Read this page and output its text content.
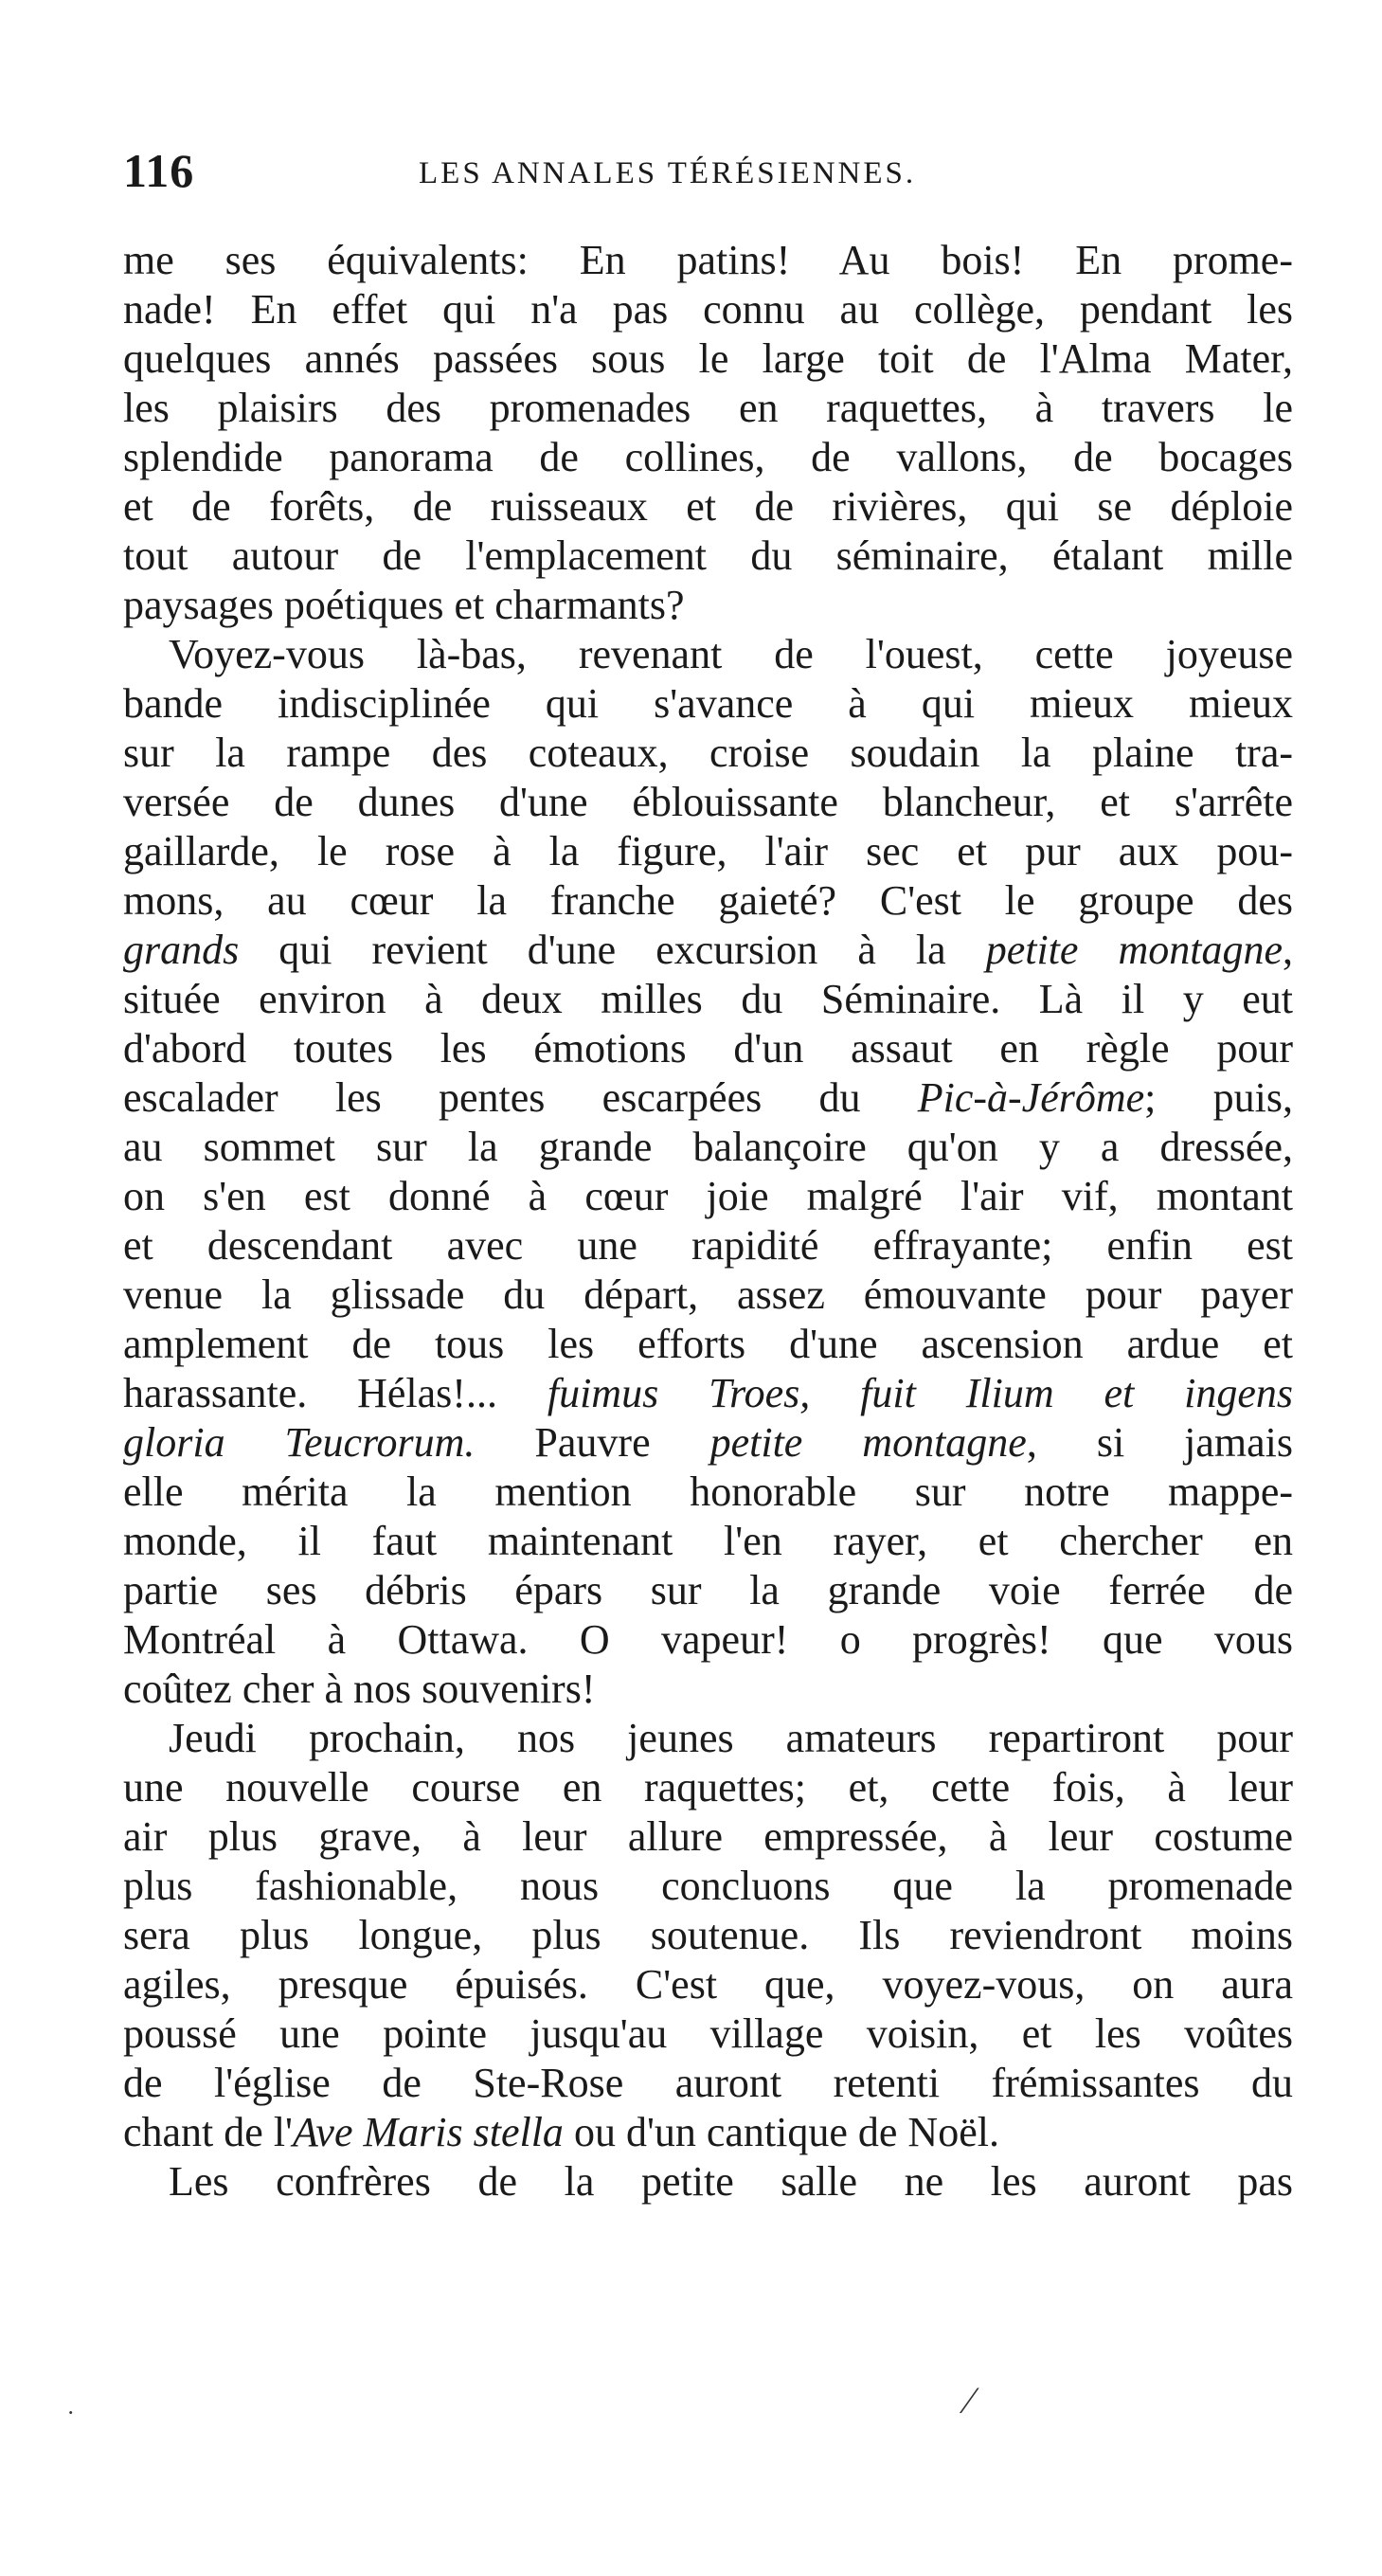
116	LES ANNALES TÉRÉSIENNES.

me ses équivalents: En patins! Au bois! En prome-
nade! En effet qui n'a pas connu au collège, pendant les
quelques annés passées sous le large toit de l'Alma Mater,
les plaisirs des promenades en raquettes, à travers le
splendide panorama de collines, de vallons, de bocages
et de forêts, de ruisseaux et de rivières, qui se déploie
tout autour de l'emplacement du séminaire, étalant mille
paysages poétiques et charmants?

Voyez-vous là-bas, revenant de l'ouest, cette joyeuse
bande indisciplinée qui s'avance à qui mieux mieux
sur la rampe des coteaux, croise soudain la plaine tra-
versée de dunes d'une éblouissante blancheur, et s'arrête
gaillarde, le rose à la figure, l'air sec et pur aux pou-
mons, au cœur la franche gaieté? C'est le groupe des
grands qui revient d'une excursion à la petite montagne,
située environ à deux milles du Séminaire. Là il y eut
d'abord toutes les émotions d'un assaut en règle pour
escalader les pentes escarpées du Pic-à-Jérôme; puis,
au sommet sur la grande balançoire qu'on y a dressée,
on s'en est donné à cœur joie malgré l'air vif, montant
et descendant avec une rapidité effrayante; enfin est
venue la glissade du départ, assez émouvante pour payer
amplement de tous les efforts d'une ascension ardue et
harassante. Hélas!... fuimus Troes, fuit Ilium et ingens
gloria Teucrorum. Pauvre petite montagne, si jamais
elle mérita la mention honorable sur notre mappe-
monde, il faut maintenant l'en rayer, et chercher en
partie ses débris épars sur la grande voie ferrée de
Montréal à Ottawa. O vapeur! o progrès! que vous
coûtez cher à nos souvenirs!

Jeudi prochain, nos jeunes amateurs repartiront pour
une nouvelle course en raquettes; et, cette fois, à leur
air plus grave, à leur allure empressée, à leur costume
plus fashionable, nous concluons que la promenade
sera plus longue, plus soutenue. Ils reviendront moins
agiles, presque épuisés. C'est que, voyez-vous, on aura
poussé une pointe jusqu'au village voisin, et les voûtes
de l'église de Ste-Rose auront retenti frémissantes du
chant de l'Ave Maris stella ou d'un cantique de Noël.

Les confrères de la petite salle ne les auront pas

⁄
˙
